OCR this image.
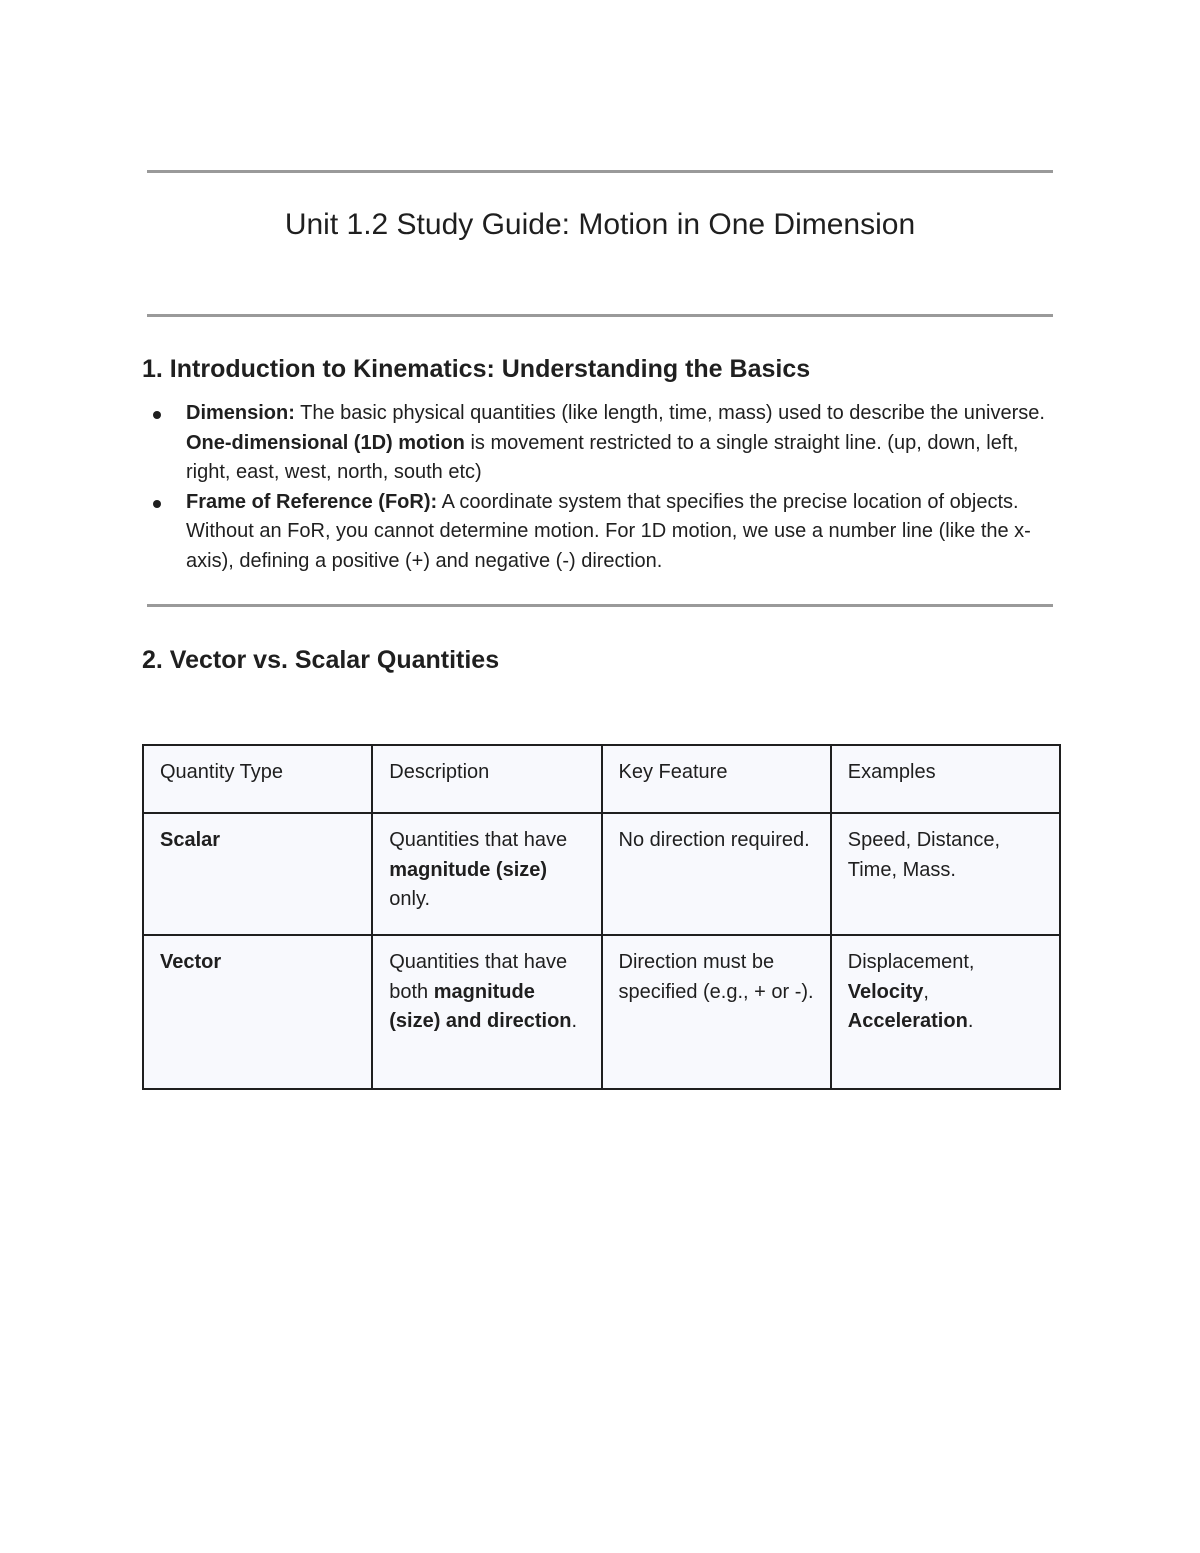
Unit 1.2 Study Guide: Motion in One Dimension
1. Introduction to Kinematics: Understanding the Basics
Dimension: The basic physical quantities (like length, time, mass) used to describe the universe. One-dimensional (1D) motion is movement restricted to a single straight line. (up, down, left, right, east, west, north, south etc)
Frame of Reference (FoR): A coordinate system that specifies the precise location of objects. Without an FoR, you cannot determine motion. For 1D motion, we use a number line (like the x-axis), defining a positive (+) and negative (-) direction.
2. Vector vs. Scalar Quantities
Quantity Type	Description	Key Feature	Examples
Scalar	Quantities that have magnitude (size) only.	No direction required.	Speed, Distance, Time, Mass.
Vector	Quantities that have both magnitude (size) and direction.	Direction must be specified (e.g., + or -).	Displacement, Velocity, Acceleration.
